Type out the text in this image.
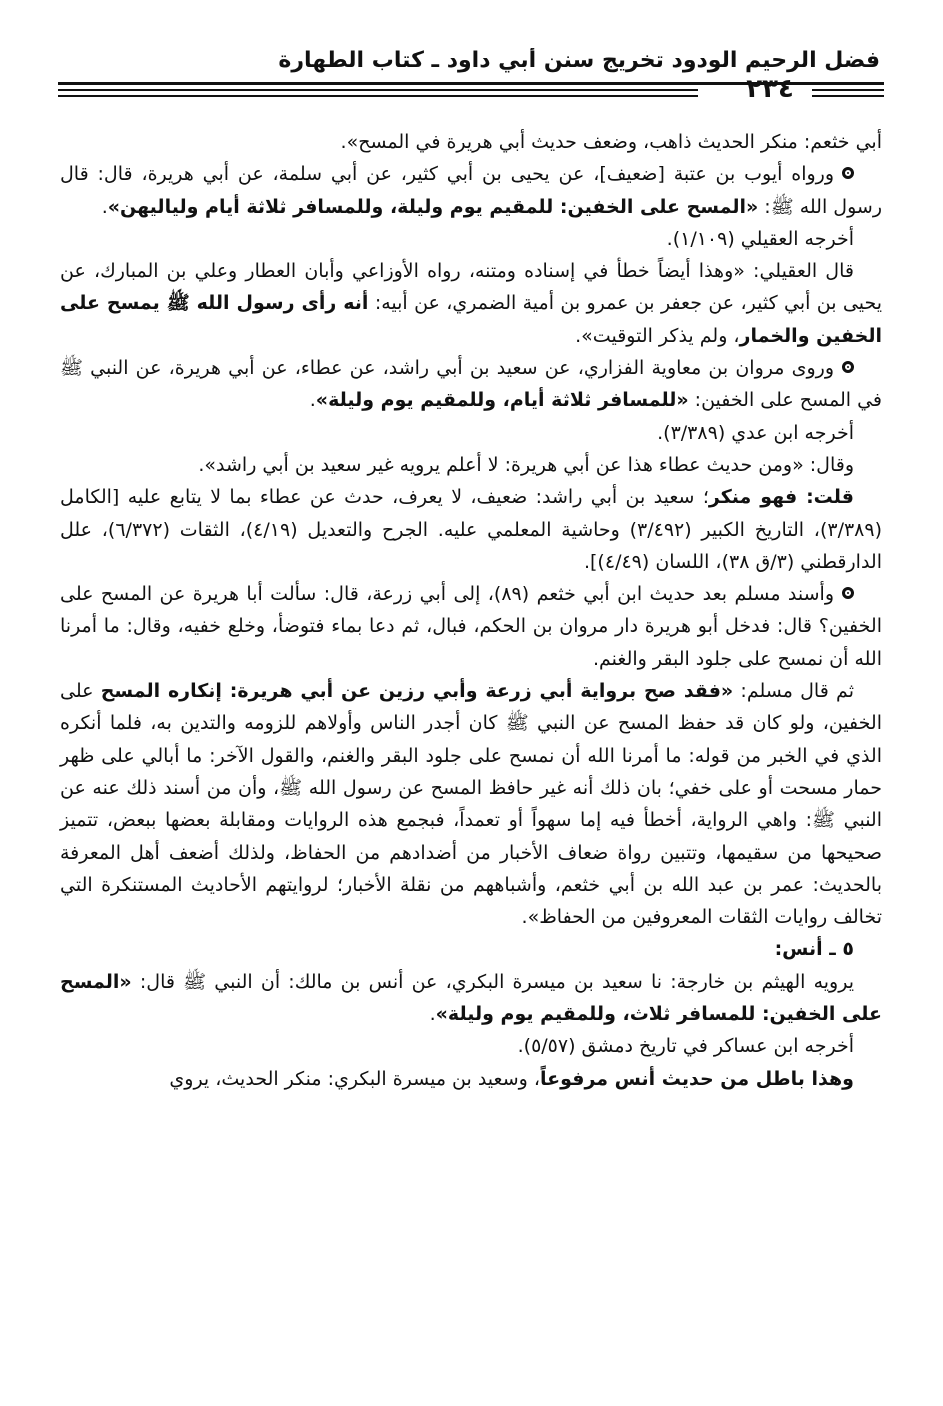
فضل الرحيم الودود تخريج سنن أبي داود ـ كتاب الطهارة
٢٣٤

أبي خثعم: منكر الحديث ذاهب، وضعف حديث أبي هريرة في المسح».

ورواه أيوب بن عتبة [ضعيف]، عن يحيى بن أبي كثير، عن أبي سلمة، عن أبي هريرة، قال: قال رسول الله ﷺ: «المسح على الخفين: للمقيم يوم وليلة، وللمسافر ثلاثة أيام ولياليهن».

أخرجه العقيلي (١/١٠٩).

قال العقيلي: «وهذا أيضاً خطأ في إسناده ومتنه، رواه الأوزاعي وأبان العطار وعلي بن المبارك، عن يحيى بن أبي كثير، عن جعفر بن عمرو بن أمية الضمري، عن أبيه: أنه رأى رسول الله ﷺ يمسح على الخفين والخمار، ولم يذكر التوقيت».

وروى مروان بن معاوية الفزاري، عن سعيد بن أبي راشد، عن عطاء، عن أبي هريرة، عن النبي ﷺ في المسح على الخفين: «للمسافر ثلاثة أيام، وللمقيم يوم وليلة».

أخرجه ابن عدي (٣/٣٨٩).

وقال: «ومن حديث عطاء هذا عن أبي هريرة: لا أعلم يرويه غير سعيد بن أبي راشد».

قلت: فهو منكر؛ سعيد بن أبي راشد: ضعيف، لا يعرف، حدث عن عطاء بما لا يتابع عليه [الكامل (٣/٣٨٩)، التاريخ الكبير (٣/٤٩٢) وحاشية المعلمي عليه. الجرح والتعديل (٤/١٩)، الثقات (٦/٣٧٢)، علل الدارقطني (٣/ق ٣٨)، اللسان (٤/٤٩)].

وأسند مسلم بعد حديث ابن أبي خثعم (٨٩)، إلى أبي زرعة، قال: سألت أبا هريرة عن المسح على الخفين؟ قال: فدخل أبو هريرة دار مروان بن الحكم، فبال، ثم دعا بماء فتوضأ، وخلع خفيه، وقال: ما أمرنا الله أن نمسح على جلود البقر والغنم.

ثم قال مسلم: «فقد صح برواية أبي زرعة وأبي رزين عن أبي هريرة: إنكاره المسح على الخفين، ولو كان قد حفظ المسح عن النبي ﷺ كان أجدر الناس وأولاهم للزومه والتدين به، فلما أنكره الذي في الخبر من قوله: ما أمرنا الله أن نمسح على جلود البقر والغنم، والقول الآخر: ما أبالي على ظهر حمار مسحت أو على خفي؛ بان ذلك أنه غير حافظ المسح عن رسول الله ﷺ، وأن من أسند ذلك عنه عن النبي ﷺ: واهي الرواية، أخطأ فيه إما سهواً أو تعمداً، فبجمع هذه الروايات ومقابلة بعضها ببعض، تتميز صحيحها من سقيمها، وتتبين رواة ضعاف الأخبار من أضدادهم من الحفاظ، ولذلك أضعف أهل المعرفة بالحديث: عمر بن عبد الله بن أبي خثعم، وأشباههم من نقلة الأخبار؛ لروايتهم الأحاديث المستنكرة التي تخالف روايات الثقات المعروفين من الحفاظ».

٥ ـ أنس:

يرويه الهيثم بن خارجة: نا سعيد بن ميسرة البكري، عن أنس بن مالك: أن النبي ﷺ قال: «المسح على الخفين: للمسافر ثلاث، وللمقيم يوم وليلة».

أخرجه ابن عساكر في تاريخ دمشق (٥/٥٧).

وهذا باطل من حديث أنس مرفوعاً، وسعيد بن ميسرة البكري: منكر الحديث، يروي
